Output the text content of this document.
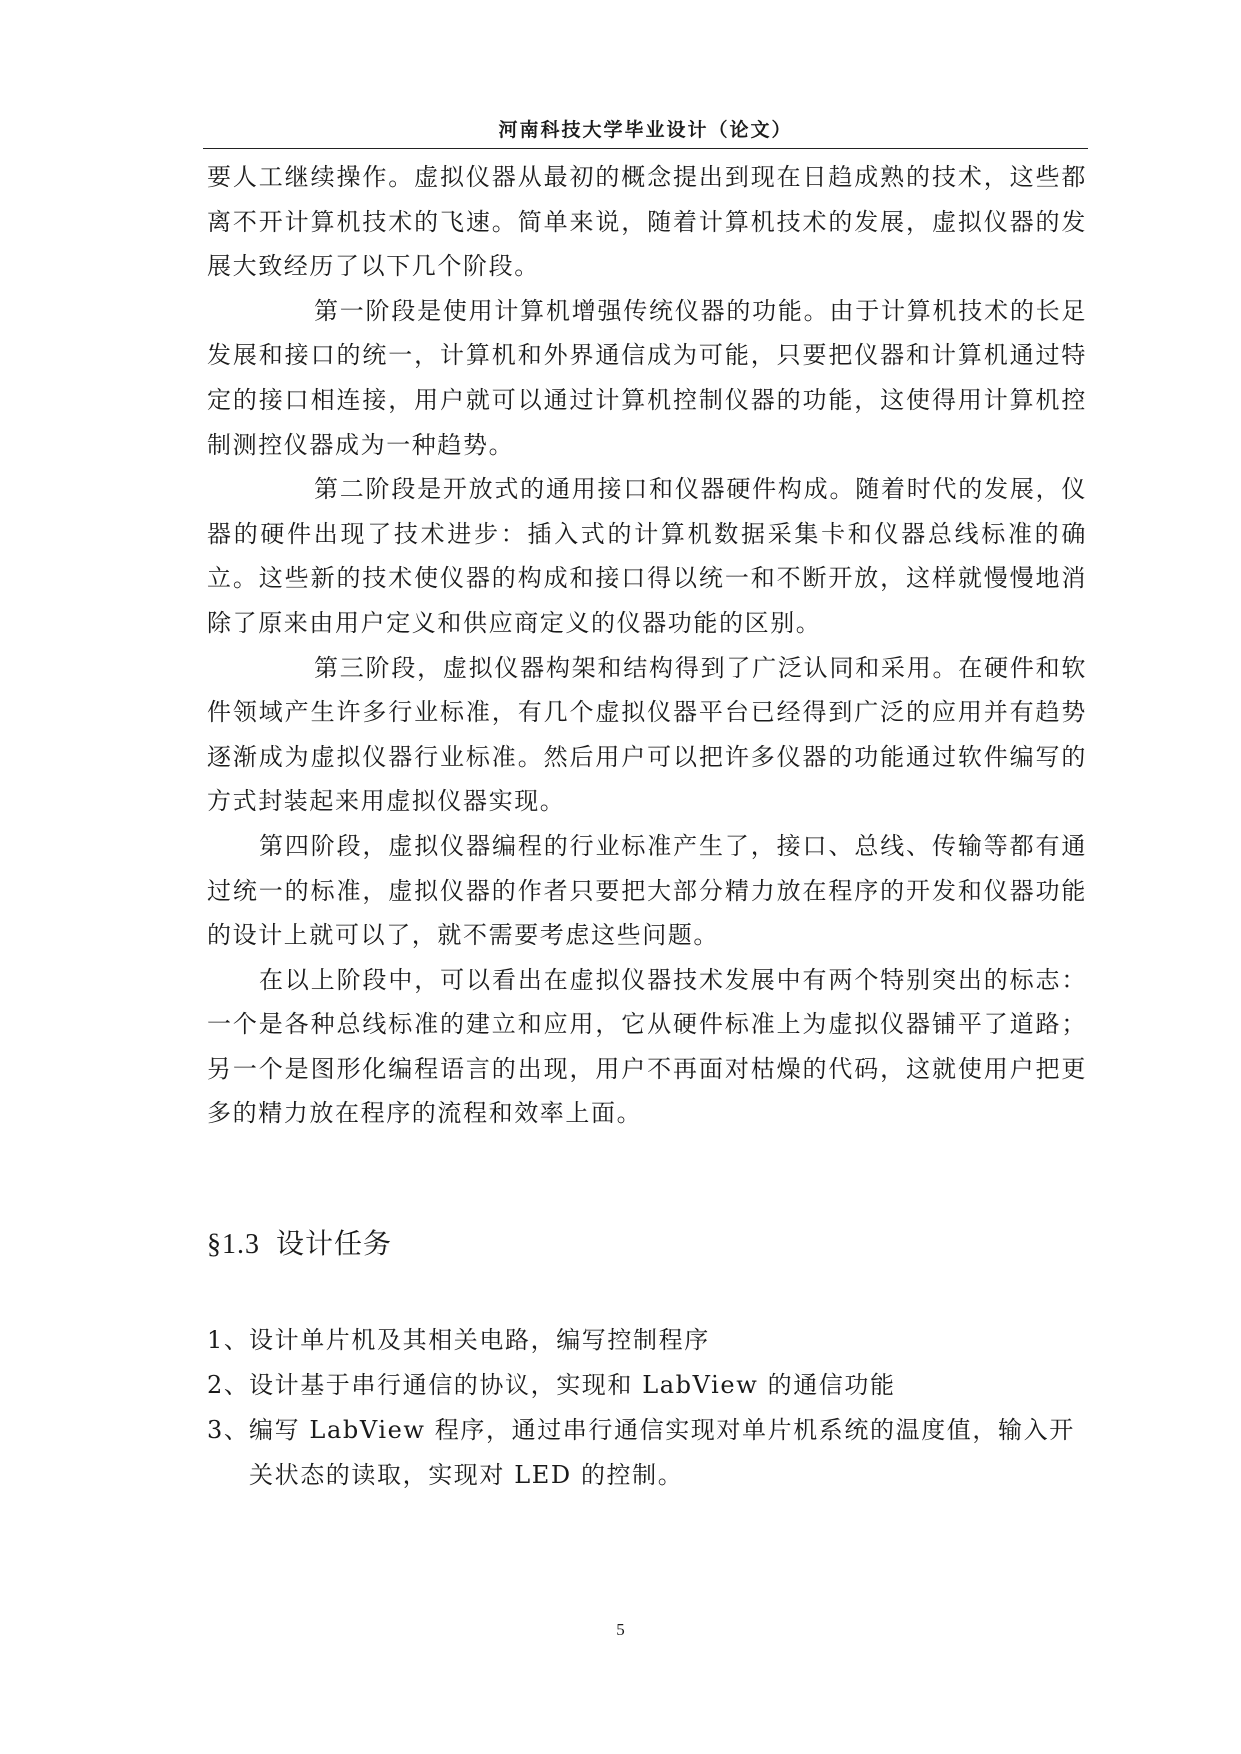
河南科技大学毕业设计（论文）

要人工继续操作。虚拟仪器从最初的概念提出到现在日趋成熟的技术，这些都离不开计算机技术的飞速。简单来说，随着计算机技术的发展，虚拟仪器的发展大致经历了以下几个阶段。

第一阶段是使用计算机增强传统仪器的功能。由于计算机技术的长足发展和接口的统一，计算机和外界通信成为可能，只要把仪器和计算机通过特定的接口相连接，用户就可以通过计算机控制仪器的功能，这使得用计算机控制测控仪器成为一种趋势。

第二阶段是开放式的通用接口和仪器硬件构成。随着时代的发展，仪器的硬件出现了技术进步：插入式的计算机数据采集卡和仪器总线标准的确立。这些新的技术使仪器的构成和接口得以统一和不断开放，这样就慢慢地消除了原来由用户定义和供应商定义的仪器功能的区别。

第三阶段，虚拟仪器构架和结构得到了广泛认同和采用。在硬件和软件领域产生许多行业标准，有几个虚拟仪器平台已经得到广泛的应用并有趋势逐渐成为虚拟仪器行业标准。然后用户可以把许多仪器的功能通过软件编写的方式封装起来用虚拟仪器实现。

第四阶段，虚拟仪器编程的行业标准产生了，接口、总线、传输等都有通过统一的标准，虚拟仪器的作者只要把大部分精力放在程序的开发和仪器功能的设计上就可以了，就不需要考虑这些问题。

在以上阶段中，可以看出在虚拟仪器技术发展中有两个特别突出的标志：一个是各种总线标准的建立和应用，它从硬件标准上为虚拟仪器铺平了道路；另一个是图形化编程语言的出现，用户不再面对枯燥的代码，这就使用户把更多的精力放在程序的流程和效率上面。

§1.3 设计任务
1、 设计单片机及其相关电路，编写控制程序
2、 设计基于串行通信的协议，实现和 LabView 的通信功能
3、 编写 LabView 程序，通过串行通信实现对单片机系统的温度值，输入开关状态的读取，实现对 LED 的控制。
5
